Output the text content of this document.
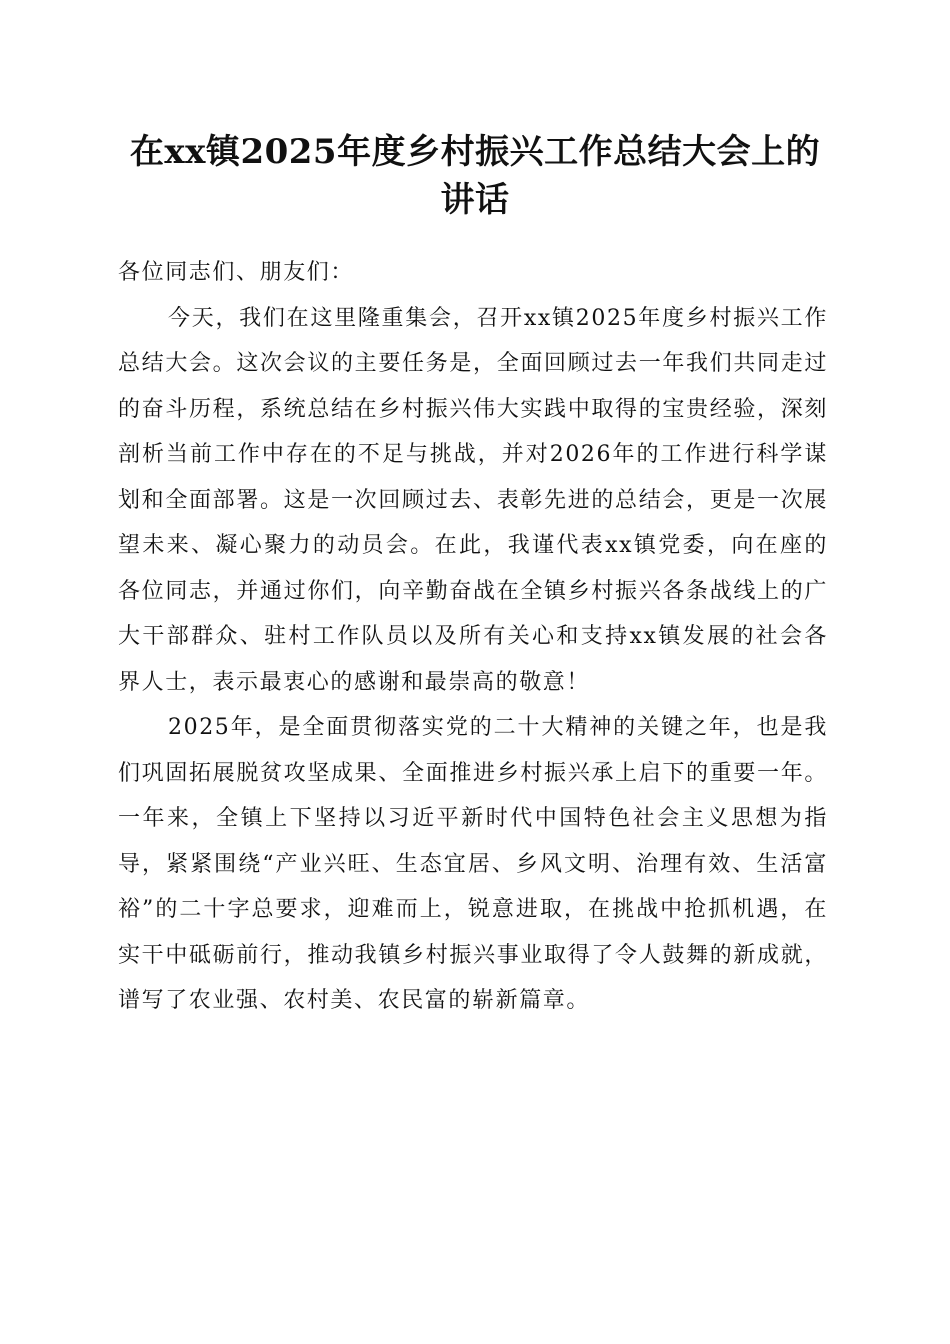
在xx镇2025年度乡村振兴工作总结大会上的
讲话

各位同志们、朋友们：

今天，我们在这里隆重集会，召开xx镇2025年度乡村振兴工作总结大会。这次会议的主要任务是，全面回顾过去一年我们共同走过的奋斗历程，系统总结在乡村振兴伟大实践中取得的宝贵经验，深刻剖析当前工作中存在的不足与挑战，并对2026年的工作进行科学谋划和全面部署。这是一次回顾过去、表彰先进的总结会，更是一次展望未来、凝心聚力的动员会。在此，我谨代表xx镇党委，向在座的各位同志，并通过你们，向辛勤奋战在全镇乡村振兴各条战线上的广大干部群众、驻村工作队员以及所有关心和支持xx镇发展的社会各界人士，表示最衷心的感谢和最崇高的敬意！

2025年，是全面贯彻落实党的二十大精神的关键之年，也是我们巩固拓展脱贫攻坚成果、全面推进乡村振兴承上启下的重要一年。一年来，全镇上下坚持以习近平新时代中国特色社会主义思想为指导，紧紧围绕“产业兴旺、生态宜居、乡风文明、治理有效、生活富裕”的二十字总要求，迎难而上，锐意进取，在挑战中抢抓机遇，在实干中砥砺前行，推动我镇乡村振兴事业取得了令人鼓舞的新成就，谱写了农业强、农村美、农民富的崭新篇章。
